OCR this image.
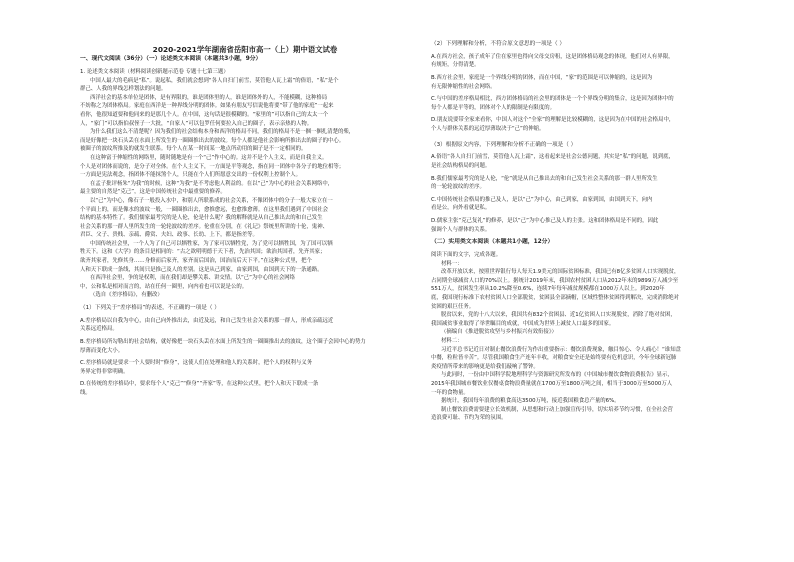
2020-2021学年湖南省岳阳市高一（上）期中语文试卷
一、现代文阅读（36分）（一）论述类文本阅读（本题共3小题，9分）
1. 论述类文本阅读（材料阅读创新题示范卷 专题十七第三题）
中国人最大的毛病是“私”。说起私，我们就会想到“各人自扫门前雪，莫管他人瓦上霜”的俗语，“私”是个
群己、人我的界线怎样划法的问题。
西洋社会的基本单位是团体，是有界限的，谁是团体里的人，谁是团体外的人，不能模糊，这种格局
不妨称之为团体格局。家庭在西洋是一种界线分明的团体。如果有朋友写信说他将要“带了他的家庭”一起来
看你，他很知道要和他同来的是那几个人。在中国，这句话是很模糊的。“家里的”可以指自己的太太一个
人，“家门”可以指伯叔侄子一大批，“自家人”可以包罗任何要拉入自己的圈子，表示亲热的人物。
为什么我们这么不清楚呢？因为我们的社会结构本身和西洋的格局不同，我们的格局不是一捆一捆扎清楚的柴，
而是好像把一块石头丢在水面上所发生的一圈圈推出去的波纹。每个人都是他社会影响所推出去的圈子的中心。
被圈子的波纹所推及的就发生联系。每个人在某一时间某一地点所动用的圈子是不一定相同的。
在这种富于伸缩性的网络里，随时随地是有一个“己”作中心的。这并不是个人主义，而是自我主义。
个人是对团体而说的，是分子对全体。在个人主义下，一方面是平等观念，指在同一团体中各分子的地位相等；
一方面是宪法观念，指团体不能抹煞个人，只能在个人们所愿意交出的一份权利上控制个人。
在孟子批评杨朱“为我”的时候，这种“为我”是不考虑他人利益的。在以“己”为中心的社会关系网络中，
最主要的自然是“克己”，这是中国传统社会中最重要的修养。
以“己”为中心，像石子一般投入水中，和别人所联系成的社会关系，不像团体中的分子一般大家立在一
个平面上的，而是像水的波纹一般，一圈圈推出去，愈推愈远，也愈推愈薄。在这里我们遇到了中国社会
结构的基本特性了。我们儒家最考究的是人伦，伦是什么呢？我的解释就是从自己推出去的和自己发生
社会关系的那一群人里所发生的一轮轮波纹的差序。伦重在分别，在《礼记》祭统里所讲的十伦，鬼神、
君臣、父子、贵贱、亲疏、爵赏、夫妇、政事、长幼、上下，都是指差等。
中国传统社会里，一个人为了自己可以牺牲家，为了家可以牺牲党，为了党可以牺牲国，为了国可以牺
牲天下。这和《大学》的条目是相同的：“古之欲明明德于天下者，先治其国；欲治其国者，先齐其家；
欲齐其家者，先修其身……身修而后家齐，家齐而后国治，国治而后天下平。”在这种公式里，把个
人和天下联成一条线，其间只是推己及人的差别。这是从己到家，由家到国，由国到天下的一条通路。
在西洋社会里，争的是权利，而在我们却是攀关系、讲交情。以“己”为中心的社会网络
中，公和私是相对而言的，站在任何一圈里，向内看也可以说是公的。
（选自《差序格局》，有删改）
（1）下列关于“差序格局”的表述，不正确的一项是（ ）
A.差序格局以自我为中心，由自己向外推出去，由近及远，和自己发生社会关系的那一群人，形成亲疏远近
关系远近格局。
B.差序格局所勾勒出的社会结构，就好像把一块石头丢在水面上所发生的一圈圈推出去的波纹，这个圈子会因中心的势力
厚薄而变化大小。
C.差序格局就是要求一个人要时时“修身”，这使人们在处理和他人的关系时，把个人的权利与义务
务界定得非常明确。
D.在传统的差序格局中，要求每个人“克己”“修身”“齐家”等，在这种公式里，把个人和天下联成一条
线。
（2）下列理解和分析，不符合原文意思的一项是（ ）
A.在西方社会，孩子成年了住在家里也得向父母交房租，这是团体格局观念的体现，他们对人有界限，
有规矩，分得清楚。
B.西方社会里，家庭是一个界线分明的团体，而在中国，“家”的范围是可以伸缩的，这是因为
有无限伸缩性的社会网络。
C.与中国的差序格局相比，西方团体格局的社会里的团体是一个个界线分明的集合，这是因为团体中的
每个人都是平等的，团体对个人的限制是有限度的。
D.朋友说要带全家来看你，中国人对这个“全家”的理解是比较模糊的，这是因为在中国的社会格局中，
个人与群体关系的远近厚薄取决于“己”的伸缩。
（3）根据原文内容，下列理解和分析不正确的一项是（ ）
A.俗语“各人自扫门前雪，莫管他人瓦上霜”，这看起来是社会公德问题，其实是“私”的问题，说到底，
是社会结构格局的问题。
B.我们儒家最考究的是人伦，“伦”就是从自己推出去的和自己发生社会关系的那一群人里所发生
的一轮轮波纹的差序。
C.中国传统社会格局的推己及人，是以“己”为中心，由己到家，由家到国，由国到天下，向内
看是公，向外看就是私。
D.儒家主张“克己复礼”的修养，是以“己”为中心推己及人的主张。这和团体格局是不同的，因此
强调个人与群体的关系。
（二）实用类文本阅读（本题共1小题，12分）
阅读下面的文字，完成各题。
材料一：
改革开放以来，按照世界银行每人每天1.9美元的国际贫困标准，我国已有8亿多贫困人口实现脱贫，
占同期全球减贫人口的70%以上。据统计2019年末，我国农村贫困人口从2012年末的9899万人减少至
551万人，贫困发生率从10.2%降至0.6%，连续7年每年减贫规模都在1000万人以上。到2020年
底，我国现行标准下农村贫困人口全部脱贫，贫困县全部摘帽，区域性整体贫困得到解决，完成消除绝对
贫困的艰巨任务。
脱贫以来，党的十八大以来，我国共有832个贫困县、近1亿贫困人口实现脱贫，消除了绝对贫困，
我国减贫事业取得了举世瞩目的成就，中国成为世界上减贫人口最多的国家。
（摘编自《推进脱贫攻坚与乡村振兴有效衔接》）
材料二：
习近平总书记近日对制止餐饮浪费行为作出重要指示：餐饮浪费现象，触目惊心、令人痛心！“谁知盘
中餐，粒粒皆辛苦”。尽管我国粮食生产连年丰收，对粮食安全还是始终要有危机意识，今年全球新冠肺
炎疫情所带来的影响更是给我们敲响了警钟。
与此同时，一份由中国科学院地理科学与资源研究所发布的《中国城市餐饮食物浪费报告》显示，
2015年我国城市餐饮业仅餐桌食物浪费量就在1700万至1800万吨之间，相当于3000万至5000万人
一年的食物量。
据统计，我国每年浪费的粮食高达3500万吨，接近我国粮食总产量的6%。
制止餐饮浪费需要建立长效机制，从思想和行动上加强宣传引导，切实培养节约习惯，在全社会营
造浪费可耻、节约为荣的氛围。
